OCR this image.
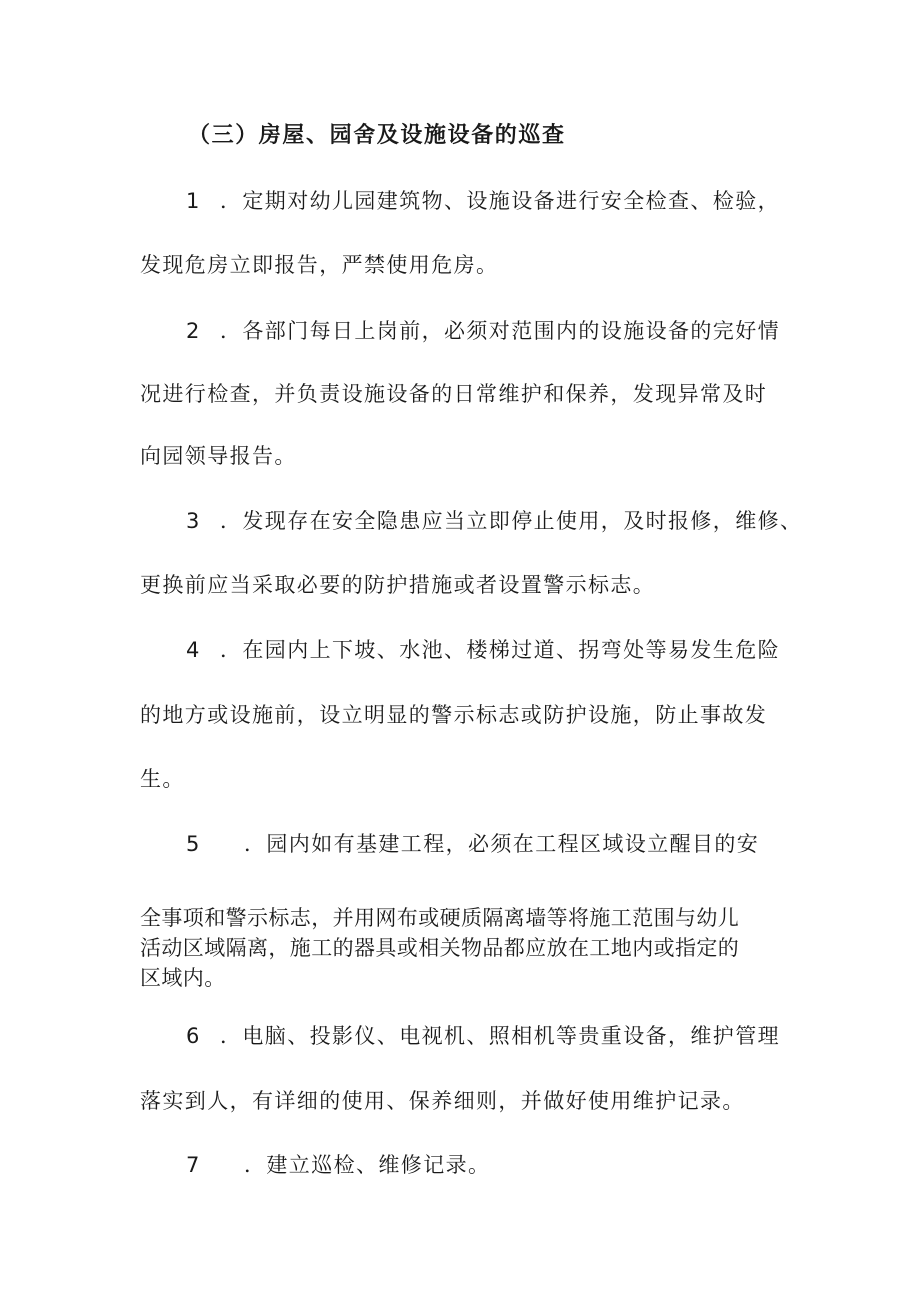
（三）房屋、园舍及设施设备的巡查
1 ．定期对幼儿园建筑物、设施设备进行安全检查、检验，
发现危房立即报告，严禁使用危房。
2 ．各部门每日上岗前，必须对范围内的设施设备的完好情
况进行检查，并负责设施设备的日常维护和保养，发现异常及时
向园领导报告。
3 ．发现存在安全隐患应当立即停止使用，及时报修，维修、
更换前应当采取必要的防护措施或者设置警示标志。
4 ．在园内上下坡、水池、楼梯过道、拐弯处等易发生危险
的地方或设施前，设立明显的警示标志或防护设施，防止事故发
生。
5 ．园内如有基建工程，必须在工程区域设立醒目的安
全事项和警示标志，并用网布或硬质隔离墙等将施工范围与幼儿
活动区域隔离，施工的器具或相关物品都应放在工地内或指定的
区域内。
6 ．电脑、投影仪、电视机、照相机等贵重设备，维护管理
落实到人，有详细的使用、保养细则，并做好使用维护记录。
7 ．建立巡检、维修记录。
